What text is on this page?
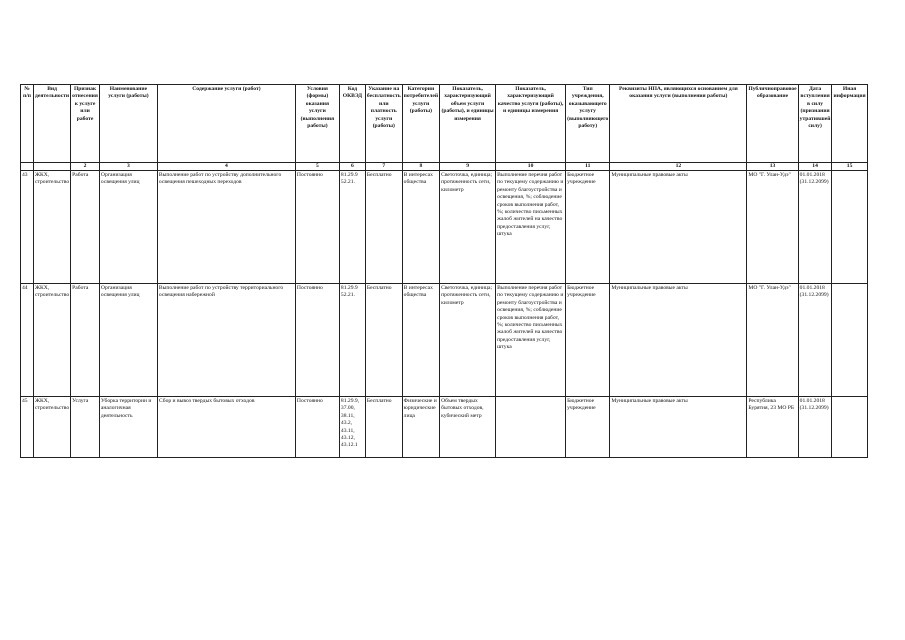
№ п/п	Вид деятельности	Признак отнесения к услуге или работе	Наименование услуги (работы)	Содержание услуги (работ)	Условия (формы) оказания услуги (выполнения работы)	Код ОКВЭД	Указание на бесплатность или платность услуги (работы)	Категории потребителей услуги (работы)	Показатель, характеризующий объем услуги (работы), и единицы измерения	Показатель, характеризующий качество услуги (работы), и единицы измерения	Тип учреждения, оказывающего услугу (выполняющего работу)	Реквизиты НПА, являющихся основанием для оказания услуги (выполнения работы)	Публичноправовое образование	Дата вступления в силу (признания утратившей силу)	Иная информация
		2	3	4	5	6	7	8	9	10	11	12	13	14	15
43	ЖКХ, строительство	Работа	Организация освещения улиц	Выполнение работ по устройству дополнительного освещения пешеходных переходов	Постоянно	81.29.9 52.21.	Бесплатно	В интересах общества	Светоточка, единица; протяженность сети, километр	Выполнение перечня работ по текущему содержанию и ремонту благоустройства и освещения, %; соблюдение сроков выполнения работ, %; количество письменных жалоб жителей на качество предоставления услуг, штука	Бюджетное учреждение	Муниципальные правовые акты	МО "Г. Улан-Удэ"	01.01.2018 (31.12.2099)	
44	ЖКХ, строительство	Работа	Организация освещения улиц	Выполнение работ по устройству территориального освещения набережной	Постоянно	81.29.9 52.21.	Бесплатно	В интересах общества	Светоточка, единица; протяженность сети, километр	Выполнение перечня работ по текущему содержанию и ремонту благоустройства и освещения, %; соблюдение сроков выполнения работ, %; количество письменных жалоб жителей на качество предоставления услуг, штука	Бюджетное учреждение	Муниципальные правовые акты	МО "Г. Улан-Удэ"	01.01.2018 (31.12.2099)	
45	ЖКХ, строительство	Услуга	Уборка территории и аналогичная деятельность	Сбор и вывоз твердых бытовых отходов	Постоянно	81.29.9, 37.00, 38.11, 43.2, 43.11, 43.12, 43.12.1	Бесплатно	Физические и юридические лица	Объем твердых бытовых отходов, кубический метр		Бюджетное учреждение	Муниципальные правовые акты	Республика Бурятия, 23 МО РБ	01.01.2018 (31.12.2099)	
